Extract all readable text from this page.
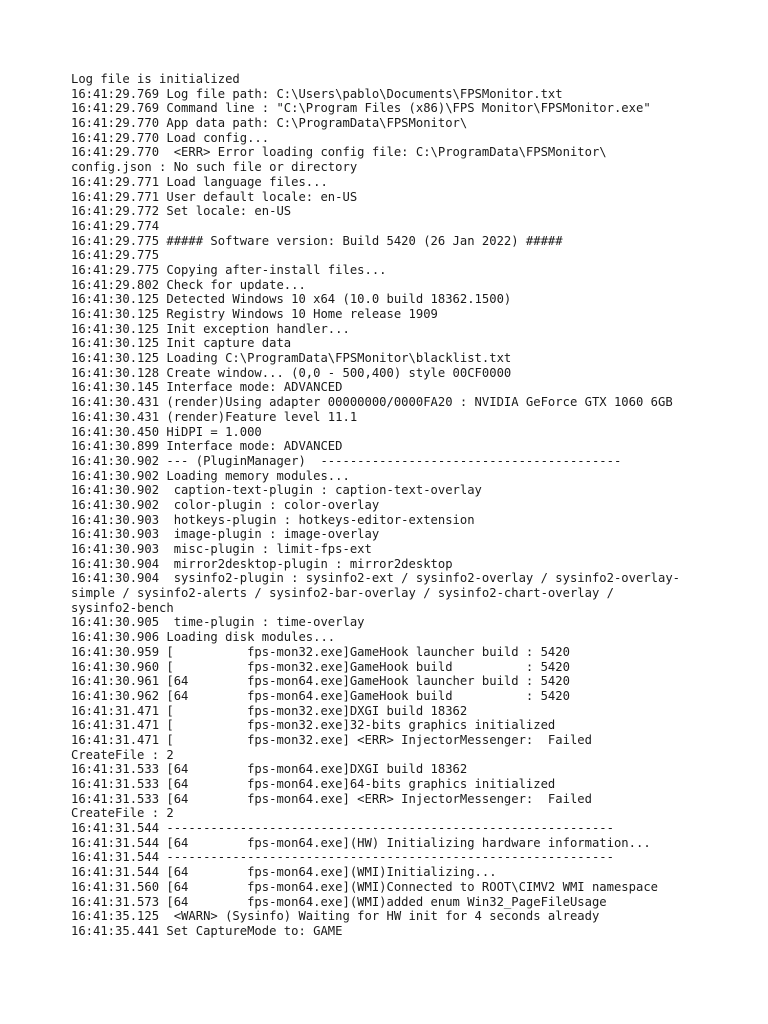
Log file is initialized
16:41:29.769 Log file path: C:\Users\pablo\Documents\FPSMonitor.txt
16:41:29.769 Command line : "C:\Program Files (x86)\FPS Monitor\FPSMonitor.exe"
16:41:29.770 App data path: C:\ProgramData\FPSMonitor\
16:41:29.770 Load config...
16:41:29.770  <ERR> Error loading config file: C:\ProgramData\FPSMonitor\
config.json : No such file or directory
16:41:29.771 Load language files...
16:41:29.771 User default locale: en-US
16:41:29.772 Set locale: en-US
16:41:29.774
16:41:29.775 ##### Software version: Build 5420 (26 Jan 2022) #####
16:41:29.775
16:41:29.775 Copying after-install files...
16:41:29.802 Check for update...
16:41:30.125 Detected Windows 10 x64 (10.0 build 18362.1500)
16:41:30.125 Registry Windows 10 Home release 1909
16:41:30.125 Init exception handler...
16:41:30.125 Init capture data
16:41:30.125 Loading C:\ProgramData\FPSMonitor\blacklist.txt
16:41:30.128 Create window... (0,0 - 500,400) style 00CF0000
16:41:30.145 Interface mode: ADVANCED
16:41:30.431 (render)Using adapter 00000000/0000FA20 : NVIDIA GeForce GTX 1060 6GB
16:41:30.431 (render)Feature level 11.1
16:41:30.450 HiDPI = 1.000
16:41:30.899 Interface mode: ADVANCED
16:41:30.902 --- (PluginManager)  -----------------------------------------
16:41:30.902 Loading memory modules...
16:41:30.902  caption-text-plugin : caption-text-overlay
16:41:30.902  color-plugin : color-overlay
16:41:30.903  hotkeys-plugin : hotkeys-editor-extension
16:41:30.903  image-plugin : image-overlay
16:41:30.903  misc-plugin : limit-fps-ext
16:41:30.904  mirror2desktop-plugin : mirror2desktop
16:41:30.904  sysinfo2-plugin : sysinfo2-ext / sysinfo2-overlay / sysinfo2-overlay-
simple / sysinfo2-alerts / sysinfo2-bar-overlay / sysinfo2-chart-overlay /
sysinfo2-bench
16:41:30.905  time-plugin : time-overlay
16:41:30.906 Loading disk modules...
16:41:30.959 [          fps-mon32.exe]GameHook launcher build : 5420
16:41:30.960 [          fps-mon32.exe]GameHook build          : 5420
16:41:30.961 [64        fps-mon64.exe]GameHook launcher build : 5420
16:41:30.962 [64        fps-mon64.exe]GameHook build          : 5420
16:41:31.471 [          fps-mon32.exe]DXGI build 18362
16:41:31.471 [          fps-mon32.exe]32-bits graphics initialized
16:41:31.471 [          fps-mon32.exe] <ERR> InjectorMessenger:  Failed
CreateFile : 2
16:41:31.533 [64        fps-mon64.exe]DXGI build 18362
16:41:31.533 [64        fps-mon64.exe]64-bits graphics initialized
16:41:31.533 [64        fps-mon64.exe] <ERR> InjectorMessenger:  Failed
CreateFile : 2
16:41:31.544 -------------------------------------------------------------
16:41:31.544 [64        fps-mon64.exe](HW) Initializing hardware information...
16:41:31.544 -------------------------------------------------------------
16:41:31.544 [64        fps-mon64.exe](WMI)Initializing...
16:41:31.560 [64        fps-mon64.exe](WMI)Connected to ROOT\CIMV2 WMI namespace
16:41:31.573 [64        fps-mon64.exe](WMI)added enum Win32_PageFileUsage
16:41:35.125  <WARN> (Sysinfo) Waiting for HW init for 4 seconds already
16:41:35.441 Set CaptureMode to: GAME
